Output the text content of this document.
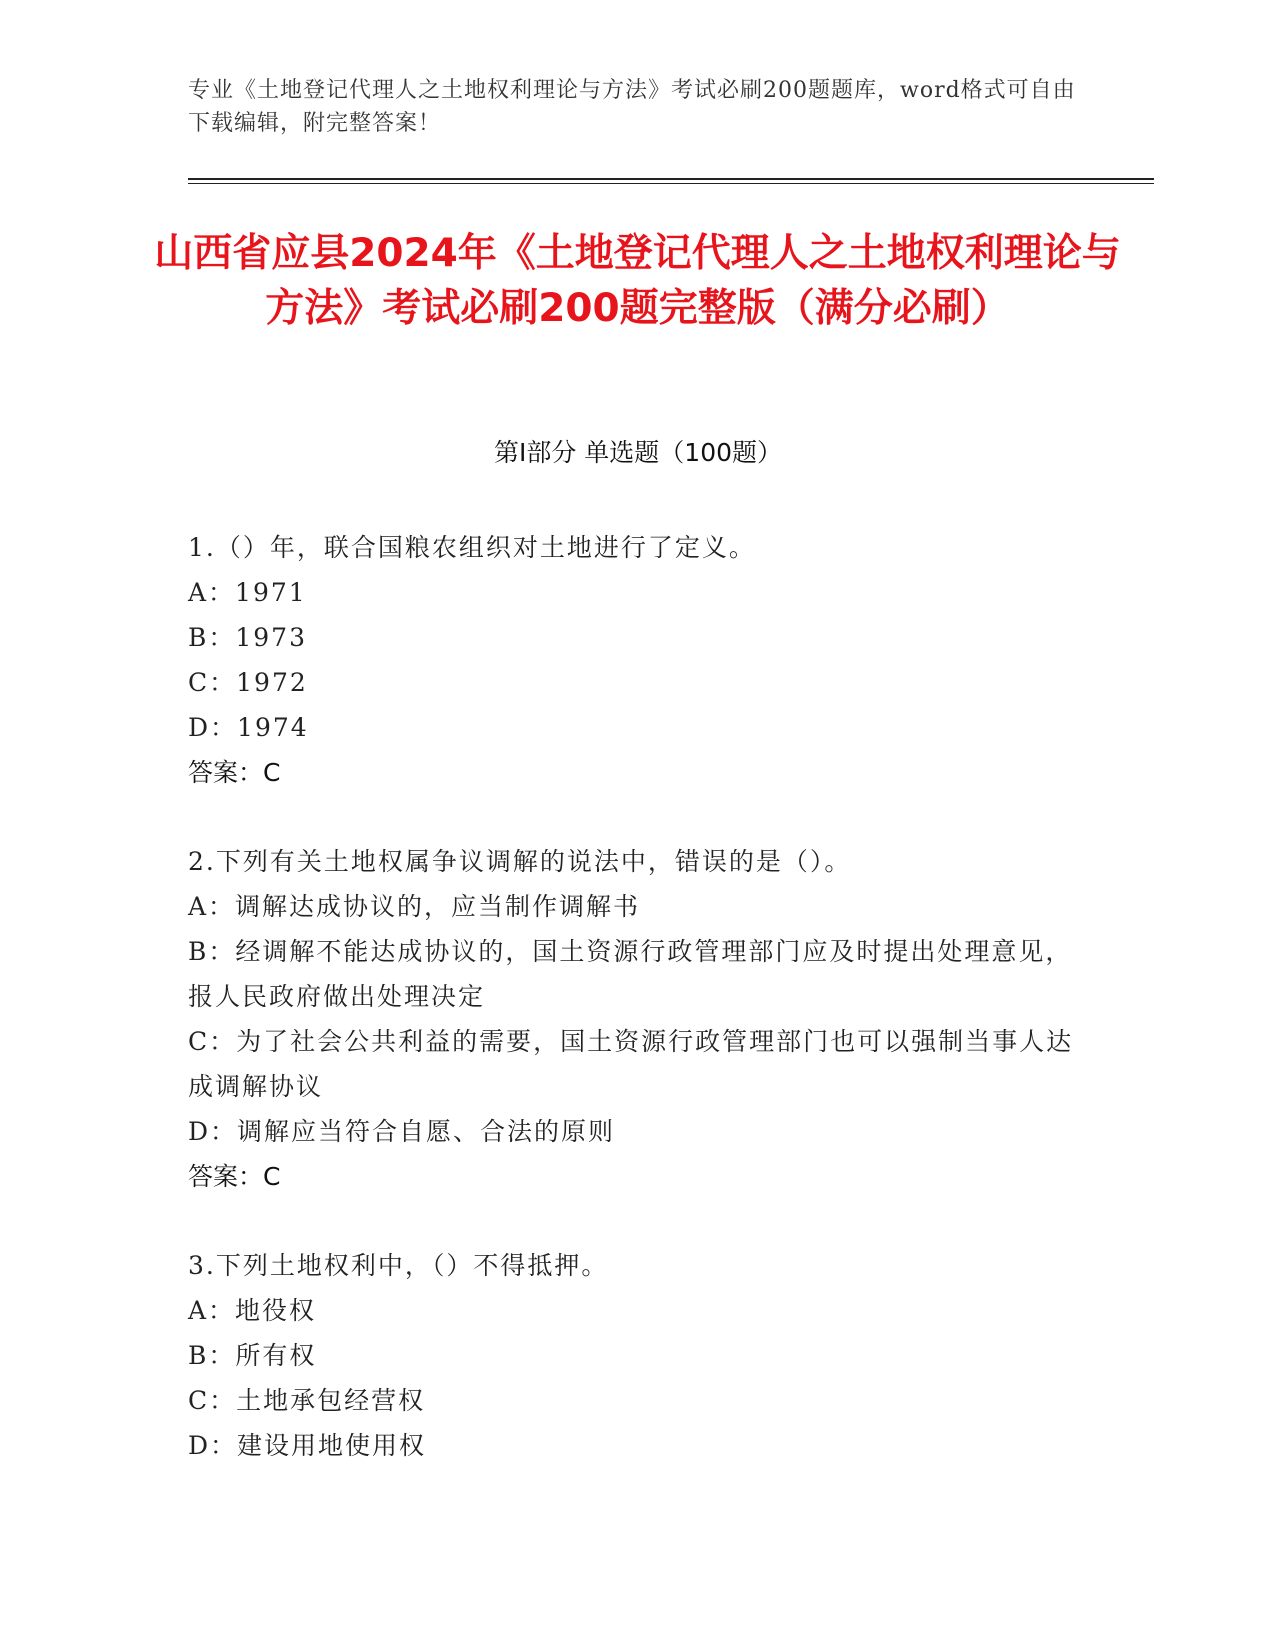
专业《土地登记代理人之土地权利理论与方法》考试必刷200题题库，word格式可自由下载编辑，附完整答案！
山西省应县2024年《土地登记代理人之土地权利理论与方法》考试必刷200题完整版（满分必刷）
第Ⅰ部分 单选题（100题）
1.（）年，联合国粮农组织对土地进行了定义。
A：1971
B：1973
C：1972
D：1974
答案：C
2.下列有关土地权属争议调解的说法中，错误的是（）。
A：调解达成协议的，应当制作调解书
B：经调解不能达成协议的，国土资源行政管理部门应及时提出处理意见，报人民政府做出处理决定
C：为了社会公共利益的需要，国土资源行政管理部门也可以强制当事人达成调解协议
D：调解应当符合自愿、合法的原则
答案：C
3.下列土地权利中，（）不得抵押。
A：地役权
B：所有权
C：土地承包经营权
D：建设用地使用权
